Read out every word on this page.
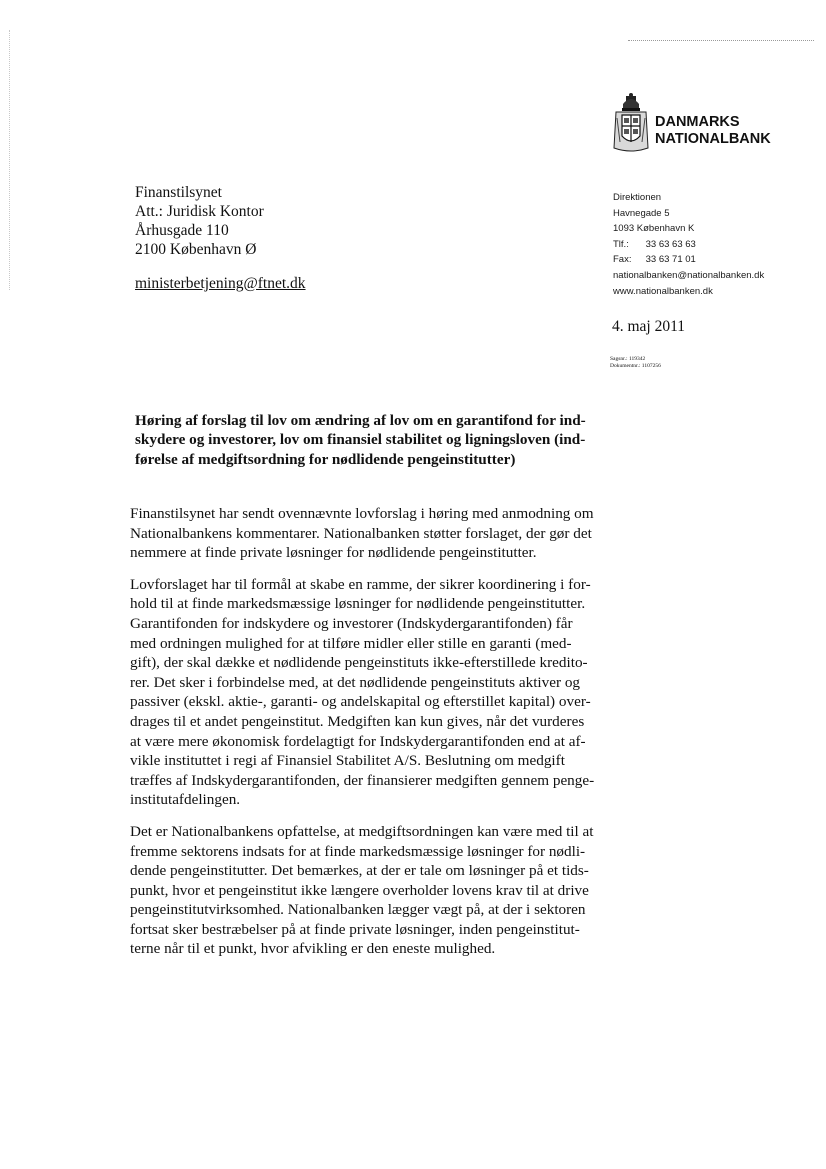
DANMARKS
NATIONALBANK
Finanstilsynet
Att.: Juridisk Kontor
Århusgade 110
2100 København Ø
ministerbetjening@ftnet.dk
Direktionen
Havnegade 5
1093 København K
Tlf.: 33 63 63 63
Fax: 33 63 71 01
nationalbanken@nationalbanken.dk
www.nationalbanken.dk
4. maj 2011
Sagsnr.: 119342
Dokumentnr.: 1107256
Høring af forslag til lov om ændring af lov om en garantifond for ind-
skydere og investorer, lov om finansiel stabilitet og ligningsloven (ind-
førelse af medgiftsordning for nødlidende pengeinstitutter)

Finanstilsynet har sendt ovennævnte lovforslag i høring med anmodning om
Nationalbankens kommentarer. Nationalbanken støtter forslaget, der gør det
nemmere at finde private løsninger for nødlidende pengeinstitutter.

Lovforslaget har til formål at skabe en ramme, der sikrer koordinering i for-
hold til at finde markedsmæssige løsninger for nødlidende pengeinstitutter.
Garantifonden for indskydere og investorer (Indskydergarantifonden) får
med ordningen mulighed for at tilføre midler eller stille en garanti (med-
gift), der skal dække et nødlidende pengeinstituts ikke-efterstillede kredito-
rer. Det sker i forbindelse med, at det nødlidende pengeinstituts aktiver og
passiver (ekskl. aktie-, garanti- og andelskapital og efterstillet kapital) over-
drages til et andet pengeinstitut. Medgiften kan kun gives, når det vurderes
at være mere økonomisk fordelagtigt for Indskydergarantifonden end at af-
vikle instituttet i regi af Finansiel Stabilitet A/S. Beslutning om medgift
træffes af Indskydergarantifonden, der finansierer medgiften gennem penge-
institutafdelingen.

Det er Nationalbankens opfattelse, at medgiftsordningen kan være med til at
fremme sektorens indsats for at finde markedsmæssige løsninger for nødli-
dende pengeinstitutter. Det bemærkes, at der er tale om løsninger på et tids-
punkt, hvor et pengeinstitut ikke længere overholder lovens krav til at drive
pengeinstitutvirksomhed. Nationalbanken lægger vægt på, at der i sektoren
fortsat sker bestræbelser på at finde private løsninger, inden pengeinstitut-
terne når til et punkt, hvor afvikling er den eneste mulighed.
